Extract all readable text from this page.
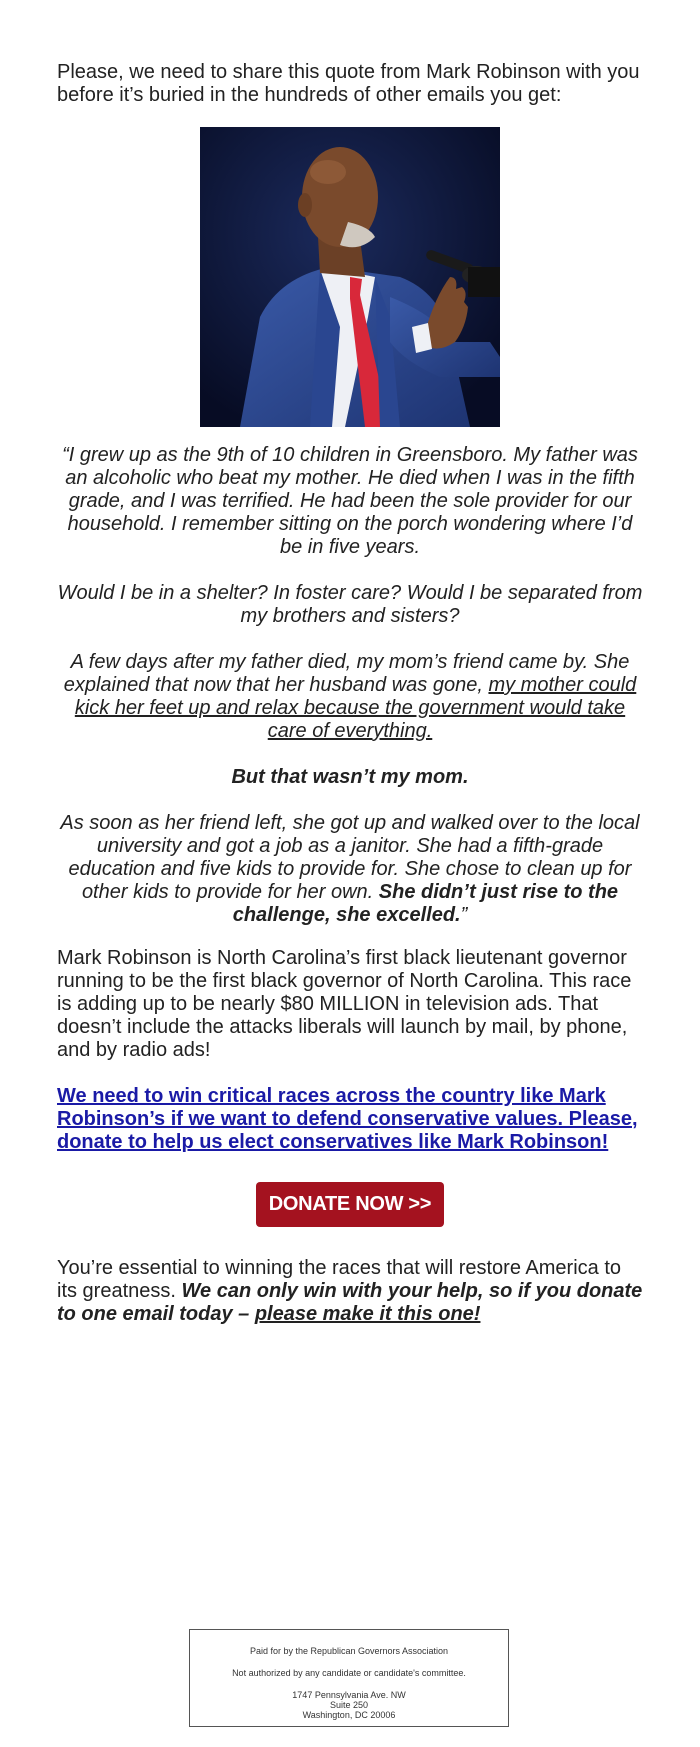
Please, we need to share this quote from Mark Robinson with you before it’s buried in the hundreds of other emails you get:

“I grew up as the 9th of 10 children in Greensboro. My father was an alcoholic who beat my mother. He died when I was in the fifth grade, and I was terrified. He had been the sole provider for our household. I remember sitting on the porch wondering where I’d be in five years.

Would I be in a shelter? In foster care? Would I be separated from my brothers and sisters?

A few days after my father died, my mom’s friend came by. She explained that now that her husband was gone, my mother could kick her feet up and relax because the government would take care of everything.

But that wasn’t my mom.

As soon as her friend left, she got up and walked over to the local university and got a job as a janitor. She had a fifth-grade education and five kids to provide for. She chose to clean up for other kids to provide for her own. She didn’t just rise to the challenge, she excelled.”

Mark Robinson is North Carolina’s first black lieutenant governor running to be the first black governor of North Carolina. This race is adding up to be nearly $80 MILLION in television ads. That doesn’t include the attacks liberals will launch by mail, by phone, and by radio ads!

We need to win critical races across the country like Mark Robinson’s if we want to defend conservative values. Please, donate to help us elect conservatives like Mark Robinson!

DONATE NOW >>

You’re essential to winning the races that will restore America to its greatness. We can only win with your help, so if you donate to one email today – please make it this one!

Paid for by the Republican Governors Association
Not authorized by any candidate or candidate's committee.
1747 Pennsylvania Ave. NW
Suite 250
Washington, DC 20006
